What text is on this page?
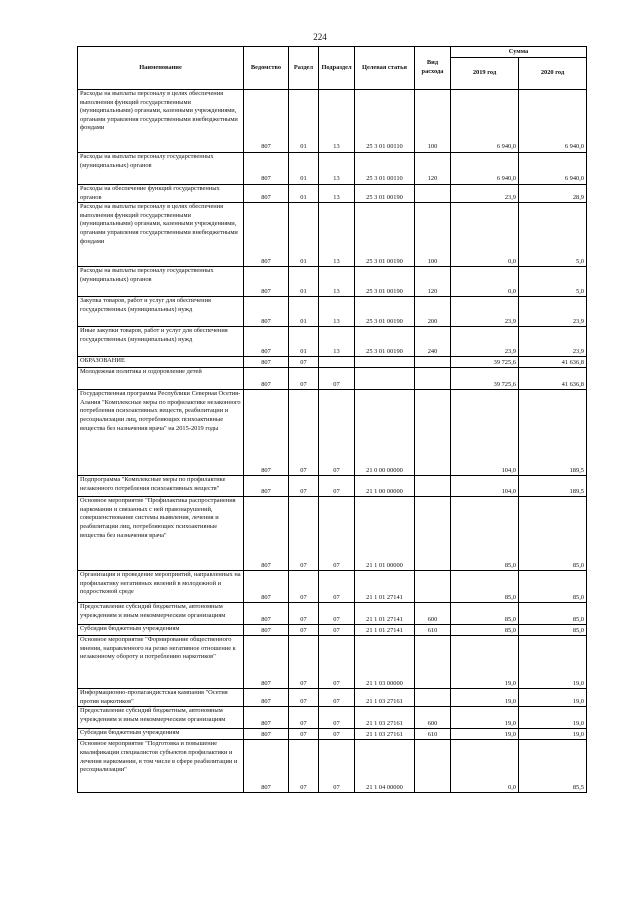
224
Наименование	Ведомство	Раздел	Подраздел	Целевая статья	Вид расхода	Сумма	
						2019 год	2020 год
Расходы на выплаты персоналу в целях обеспечения выполнения функций государственными (муниципальными) органами, казенными учреждениями, органами управления государственными внебюджетными фондами	807	01	13	25 3 01 00110	100	6 940,0	6 940,0
Расходы на выплаты персоналу государственных (муниципальных) органов	807	01	13	25 3 01 00110	120	6 940,0	6 940,0
Расходы на обеспечение функций государственных органов	807	01	13	25 3 01 00190		23,9	28,9
Расходы на выплаты персоналу в целях обеспечения выполнения функций государственными (муниципальными) органами, казенными учреждениями, органами управления государственными внебюджетными фондами	807	01	13	25 3 01 00190	100	0,0	5,0
Расходы на выплаты персоналу государственных (муниципальных) органов	807	01	13	25 3 01 00190	120	0,0	5,0
Закупка товаров, работ и услуг для обеспечения государственных (муниципальных) нужд	807	01	13	25 3 01 00190	200	23,9	23,9
Иные закупки товаров, работ и услуг для обеспечения государственных (муниципальных) нужд	807	01	13	25 3 01 00190	240	23,9	23,9
ОБРАЗОВАНИЕ	807	07				39 725,6	41 636,8
Молодежная политика и оздоровление детей	807	07	07			39 725,6	41 636,8
Государственная программа Республики Северная Осетия-Алания "Комплексные меры по профилактике незаконного потребления психоактивных веществ, реабилитации и ресоциализации лиц, потребляющих психоактивные вещества без назначения врача" на 2015-2019 годы	807	07	07	21 0 00 00000		104,0	189,5
Подпрограмма "Комплексные меры по профилактике незаконного потребления психоактивных веществ"	807	07	07	21 1 00 00000		104,0	189,5
Основное мероприятие "Профилактика распространения наркомании и связанных с ней правонарушений, совершенствование системы выявления, лечения и реабилитации лиц, потребляющих психоактивные вещества без назначения врача"	807	07	07	21 1 01 00000		85,0	85,0
Организация и проведение мероприятий, направленных на профилактику негативных явлений в молодежной и подростковой среде	807	07	07	21 1 01 27141		85,0	85,0
Предоставление субсидий бюджетным, автономным учреждениям и иным некоммерческим организациям	807	07	07	21 1 01 27141	600	85,0	85,0
Субсидии бюджетным учреждениям	807	07	07	21 1 01 27141	610	85,0	85,0
Основное мероприятие "Формирование общественного мнения, направленного на резко негативное отношение к незаконному обороту и потреблению наркотиков"	807	07	07	21 1 03 00000		19,0	19,0
Информационно-пропагандистская кампания "Осетия против наркотиков"	807	07	07	21 1 03 27161		19,0	19,0
Предоставление субсидий бюджетным, автономным учреждениям и иным некоммерческим организациям	807	07	07	21 1 03 27161	600	19,0	19,0
Субсидии бюджетным учреждениям	807	07	07	21 1 03 27161	610	19,0	19,0
Основное мероприятие "Подготовка и повышение квалификации специалистов субъектов профилактики и лечения наркомании, в том числе в сфере реабилитации и ресоциализации"	807	07	07	21 1 04 00000		0,0	85,5
